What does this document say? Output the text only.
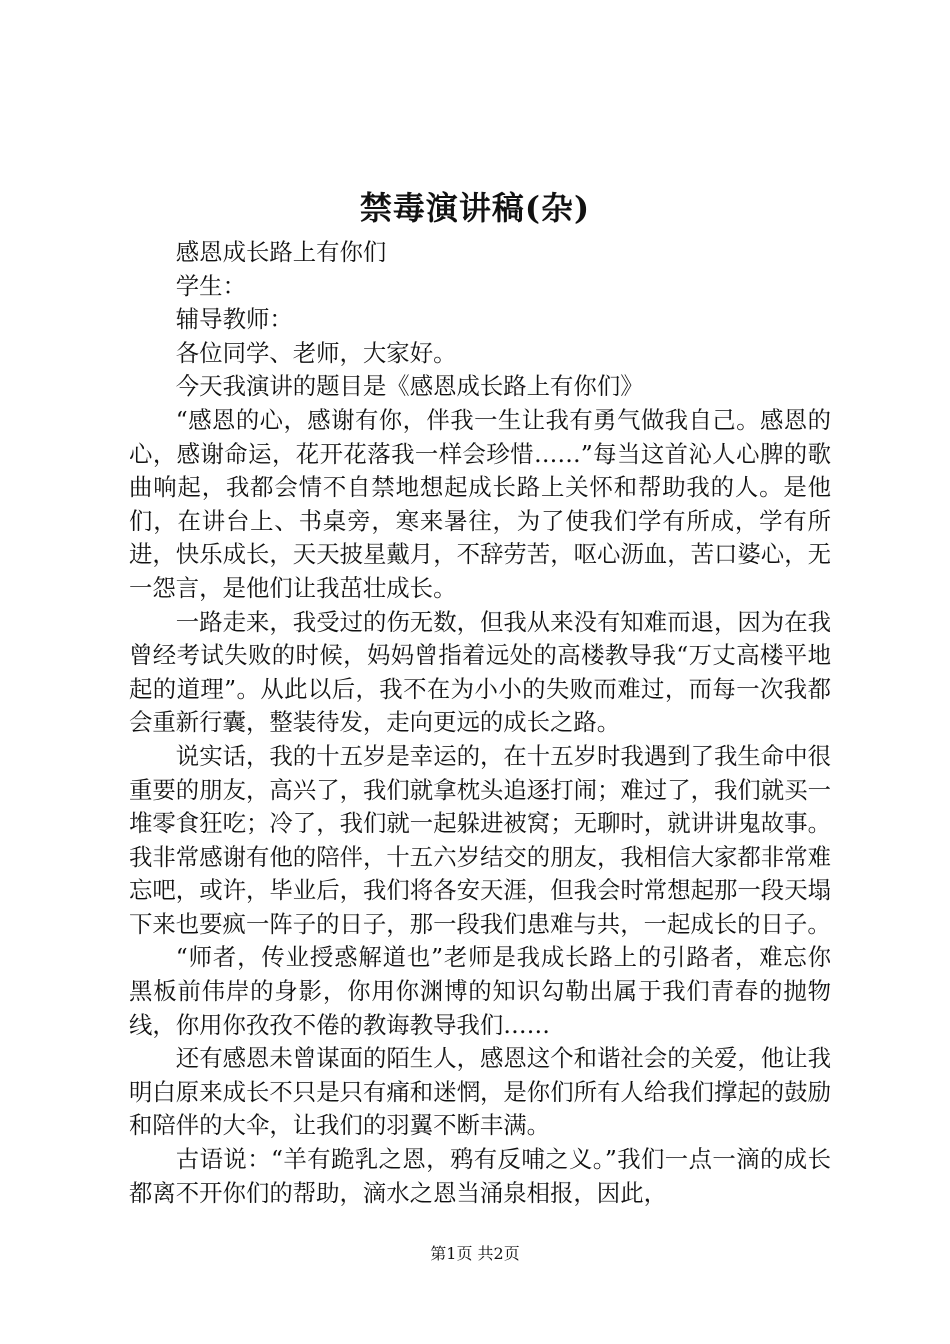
禁毒演讲稿(杂)

感恩成长路上有你们

学生：

辅导教师：

各位同学、老师，大家好。

今天我演讲的题目是《感恩成长路上有你们》

“感恩的心，感谢有你，伴我一生让我有勇气做我自己。感恩的心，感谢命运，花开花落我一样会珍惜……”每当这首沁人心脾的歌曲响起，我都会情不自禁地想起成长路上关怀和帮助我的人。是他们，在讲台上、书桌旁，寒来暑往，为了使我们学有所成，学有所进，快乐成长，天天披星戴月，不辞劳苦，呕心沥血，苦口婆心，无一怨言，是他们让我茁壮成长。

一路走来，我受过的伤无数，但我从来没有知难而退，因为在我曾经考试失败的时候，妈妈曾指着远处的高楼教导我“万丈高楼平地起的道理”。从此以后，我不在为小小的失败而难过，而每一次我都会重新行囊，整装待发，走向更远的成长之路。

说实话，我的十五岁是幸运的，在十五岁时我遇到了我生命中很重要的朋友，高兴了，我们就拿枕头追逐打闹；难过了，我们就买一堆零食狂吃；冷了，我们就一起躲进被窝；无聊时，就讲讲鬼故事。我非常感谢有他的陪伴，十五六岁结交的朋友，我相信大家都非常难忘吧，或许，毕业后，我们将各安天涯，但我会时常想起那一段天塌下来也要疯一阵子的日子，那一段我们患难与共，一起成长的日子。

“师者，传业授惑解道也”老师是我成长路上的引路者，难忘你黑板前伟岸的身影，你用你渊博的知识勾勒出属于我们青春的抛物线，你用你孜孜不倦的教诲教导我们……

还有感恩未曾谋面的陌生人，感恩这个和谐社会的关爱，他让我明白原来成长不只是只有痛和迷惘，是你们所有人给我们撑起的鼓励和陪伴的大伞，让我们的羽翼不断丰满。

古语说：“羊有跪乳之恩，鸦有反哺之义。”我们一点一滴的成长都离不开你们的帮助，滴水之恩当涌泉相报，因此，

第1页 共2页
